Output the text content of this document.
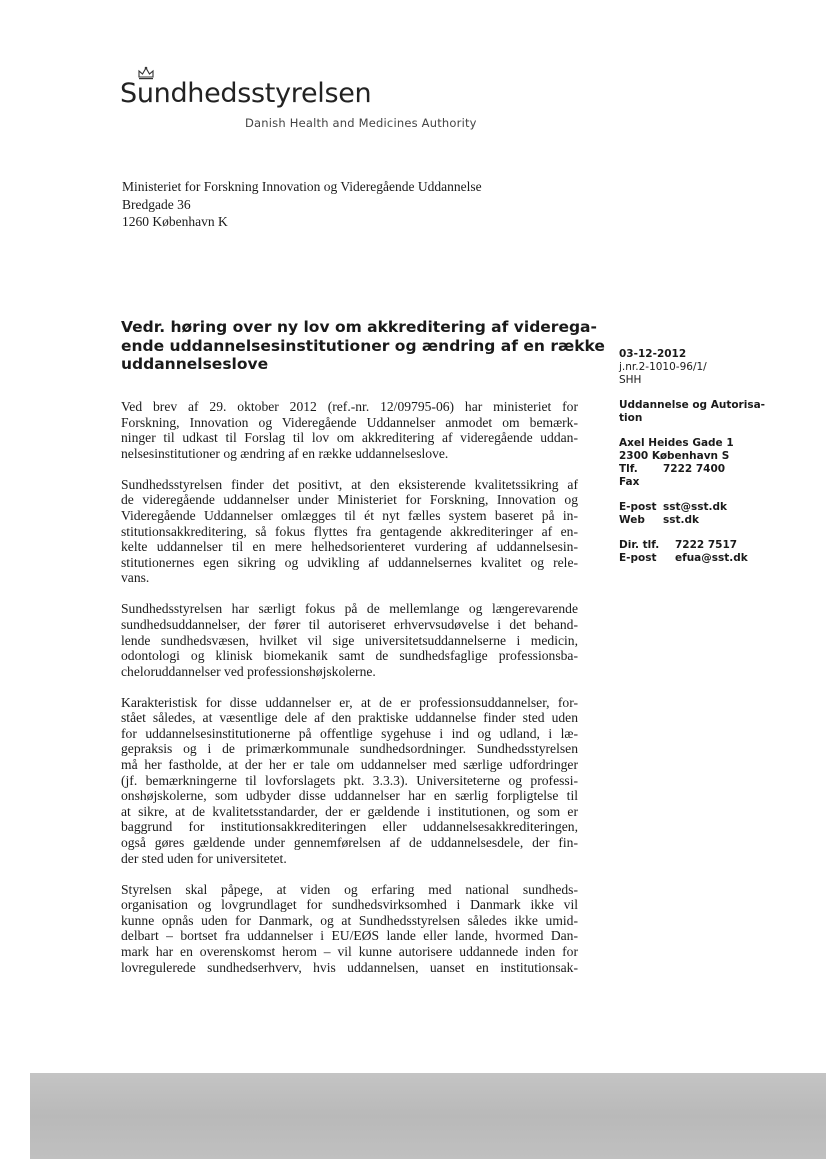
Sundhedsstyrelsen
Danish Health and Medicines Authority
Ministeriet for Forskning Innovation og Videregående Uddannelse
Bredgade 36
1260 København K
Vedr. høring over ny lov om akkreditering af viderega-
ende uddannelsesinstitutioner og ændring af en række
uddannelseslove
03-12-2012
j.nr.2-1010-96/1/
SHH
Uddannelse og Autorisa-
tion
Axel Heides Gade 1
2300 København S
Tlf. 7222 7400
Fax
E-post sst@sst.dk
Web sst.dk
Dir. tlf. 7222 7517
E-post efua@sst.dk
Ved brev af 29. oktober 2012 (ref.-nr. 12/09795-06) har ministeriet for
Forskning, Innovation og Videregående Uddannelser anmodet om bemærk-
ninger til udkast til Forslag til lov om akkreditering af videregående uddan-
nelsesinstitutioner og ændring af en række uddannelseslove.
Sundhedsstyrelsen finder det positivt, at den eksisterende kvalitetssikring af
de videregående uddannelser under Ministeriet for Forskning, Innovation og
Videregående Uddannelser omlægges til ét nyt fælles system baseret på in-
stitutionsakkreditering, så fokus flyttes fra gentagende akkrediteringer af en-
kelte uddannelser til en mere helhedsorienteret vurdering af uddannelsesin-
stitutionernes egen sikring og udvikling af uddannelsernes kvalitet og rele-
vans.
Sundhedsstyrelsen har særligt fokus på de mellemlange og længerevarende
sundhedsuddannelser, der fører til autoriseret erhvervsudøvelse i det behand-
lende sundhedsvæsen, hvilket vil sige universitetsuddannelserne i medicin,
odontologi og klinisk biomekanik samt de sundhedsfaglige professionsba-
cheloruddannelser ved professionshøjskolerne.
Karakteristisk for disse uddannelser er, at de er professionsuddannelser, for-
stået således, at væsentlige dele af den praktiske uddannelse finder sted uden
for uddannelsesinstitutionerne på offentlige sygehuse i ind og udland, i læ-
gepraksis og i de primærkommunale sundhedsordninger. Sundhedsstyrelsen
må her fastholde, at der her er tale om uddannelser med særlige udfordringer
(jf. bemærkningerne til lovforslagets pkt. 3.3.3). Universiteterne og professi-
onshøjskolerne, som udbyder disse uddannelser har en særlig forpligtelse til
at sikre, at de kvalitetsstandarder, der er gældende i institutionen, og som er
baggrund for institutionsakkrediteringen eller uddannelsesakkrediteringen,
også gøres gældende under gennemførelsen af de uddannelsesdele, der fin-
der sted uden for universitetet.
Styrelsen skal påpege, at viden og erfaring med national sundheds-
organisation og lovgrundlaget for sundhedsvirksomhed i Danmark ikke vil
kunne opnås uden for Danmark, og at Sundhedsstyrelsen således ikke umid-
delbart – bortset fra uddannelser i EU/EØS lande eller lande, hvormed Dan-
mark har en overenskomst herom – vil kunne autorisere uddannede inden for
lovregulerede sundhedserhverv, hvis uddannelsen, uanset en institutionsak-
